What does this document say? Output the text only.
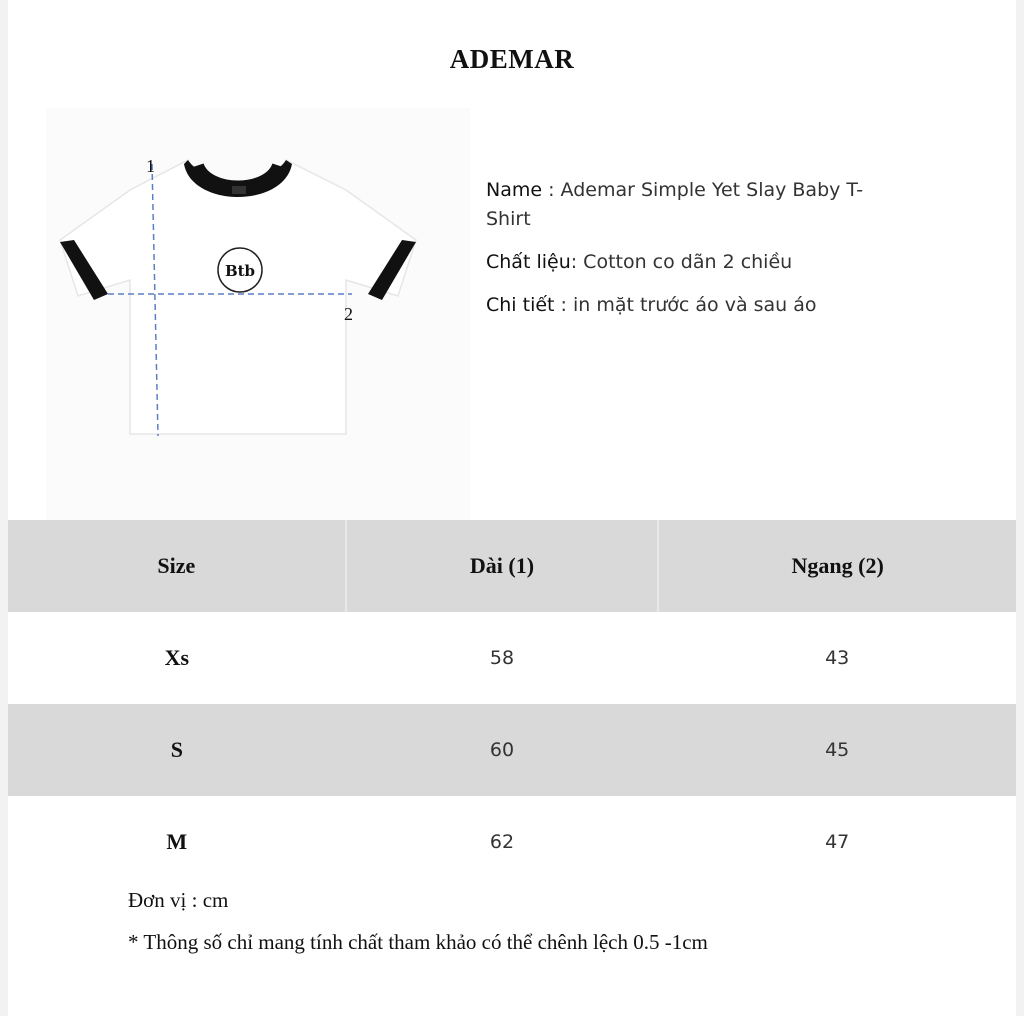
ADEMAR
Btb
1
2

Name : Ademar Simple Yet Slay Baby T-Shirt

Chất liệu: Cotton co dãn 2 chiều

Chi tiết : in mặt trước áo và sau áo

Size	Dài (1)	Ngang (2)
Xs	58	43
S	60	45
M	62	47

Đơn vị : cm

* Thông số chỉ mang tính chất tham khảo có thể chênh lệch 0.5 -1cm
